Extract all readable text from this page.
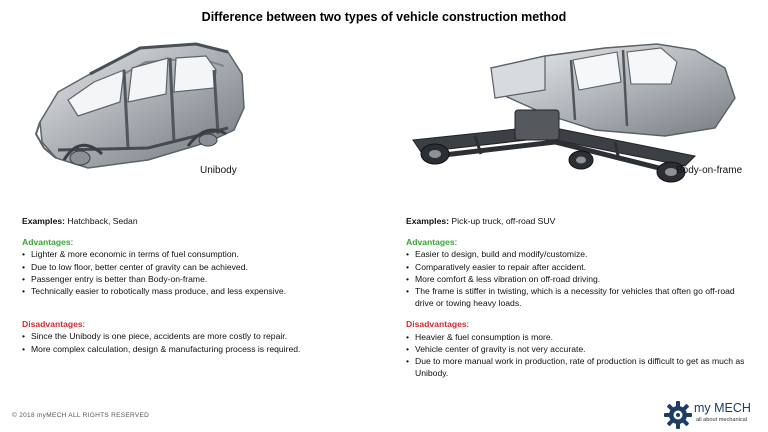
Difference between two types of vehicle construction method
Unibody	Body-on-frame
Examples: Hatchback, Sedan
Advantages:
• Lighter & more economic in terms of fuel consumption.
• Due to low floor, better center of gravity can be achieved.
• Passenger entry is better than Body-on-frame.
• Technically easier to robotically mass produce, and less expensive.
Disadvantages:
• Since the Unibody is one piece, accidents are more costly to repair.
• More complex calculation, design & manufacturing process is required.
Examples: Pick-up truck, off-road SUV
Advantages:
• Easier to design, build and modify/customize.
• Comparatively easier to repair after accident.
• More comfort & less vibration on off-road driving.
• The frame is stiffer in twisting, which is a necessity for vehicles that often go off-road drive or towing heavy loads.
Disadvantages:
• Heavier & fuel consumption is more.
• Vehicle center of gravity is not very accurate.
• Due to more manual work in production, rate of production is difficult to get as much as Unibody.
© 2018 myMECH ALL RIGHTS RESERVED
my MECH
all about mechanical
